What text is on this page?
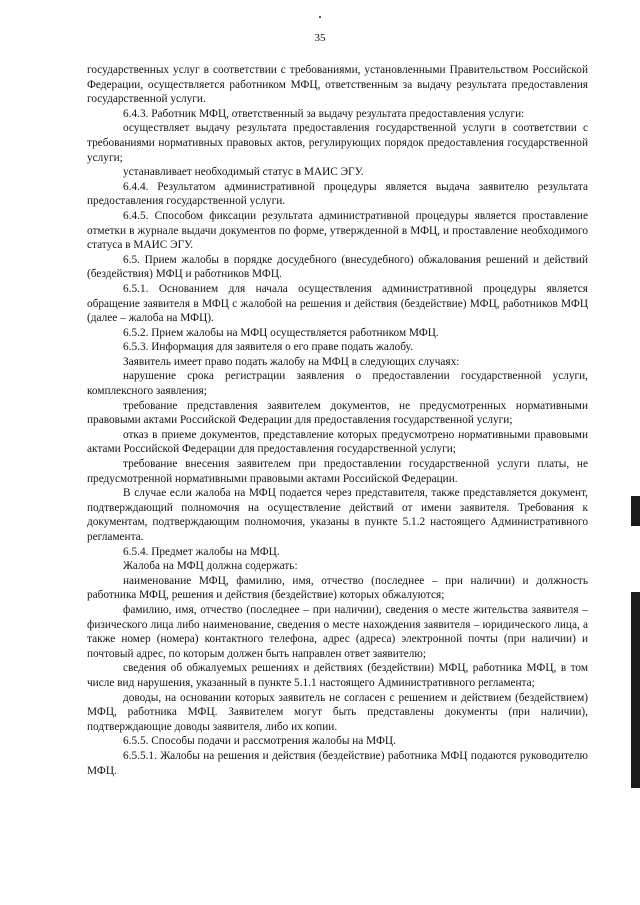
35

государственных услуг в соответствии с требованиями, установленными Правительством Российской Федерации, осуществляется работником МФЦ, ответственным за выдачу результата предоставления государственной услуги.

6.4.3. Работник МФЦ, ответственный за выдачу результата предоставления услуги:

осуществляет выдачу результата предоставления государственной услуги в соответствии с требованиями нормативных правовых актов, регулирующих порядок предоставления государственной услуги;

устанавливает необходимый статус в МАИС ЭГУ.

6.4.4. Результатом административной процедуры является выдача заявителю результата предоставления государственной услуги.

6.4.5. Способом фиксации результата административной процедуры является проставление отметки в журнале выдачи документов по форме, утвержденной в МФЦ, и проставление необходимого статуса в МАИС ЭГУ.

6.5. Прием жалобы в порядке досудебного (внесудебного) обжалования решений и действий (бездействия) МФЦ и работников МФЦ.

6.5.1. Основанием для начала осуществления административной процедуры является обращение заявителя в МФЦ с жалобой на решения и действия (бездействие) МФЦ, работников МФЦ (далее – жалоба на МФЦ).

6.5.2. Прием жалобы на МФЦ осуществляется работником МФЦ.

6.5.3. Информация для заявителя о его праве подать жалобу.

Заявитель имеет право подать жалобу на МФЦ в следующих случаях:

нарушение срока регистрации заявления о предоставлении государственной услуги, комплексного заявления;

требование представления заявителем документов, не предусмотренных нормативными правовыми актами Российской Федерации для предоставления государственной услуги;

отказ в приеме документов, представление которых предусмотрено нормативными правовыми актами Российской Федерации для предоставления государственной услуги;

требование внесения заявителем при предоставлении государственной услуги платы, не предусмотренной нормативными правовыми актами Российской Федерации.

В случае если жалоба на МФЦ подается через представителя, также представляется документ, подтверждающий полномочия на осуществление действий от имени заявителя. Требования к документам, подтверждающим полномочия, указаны в пункте 5.1.2 настоящего Административного регламента.

6.5.4. Предмет жалобы на МФЦ.

Жалоба на МФЦ должна содержать:

наименование МФЦ, фамилию, имя, отчество (последнее – при наличии) и должность работника МФЦ, решения и действия (бездействие) которых обжалуются;

фамилию, имя, отчество (последнее – при наличии), сведения о месте жительства заявителя – физического лица либо наименование, сведения о месте нахождения заявителя – юридического лица, а также номер (номера) контактного телефона, адрес (адреса) электронной почты (при наличии) и почтовый адрес, по которым должен быть направлен ответ заявителю;

сведения об обжалуемых решениях и действиях (бездействии) МФЦ, работника МФЦ, в том числе вид нарушения, указанный в пункте 5.1.1 настоящего Административного регламента;

доводы, на основании которых заявитель не согласен с решением и действием (бездействием) МФЦ, работника МФЦ. Заявителем могут быть представлены документы (при наличии), подтверждающие доводы заявителя, либо их копии.

6.5.5. Способы подачи и рассмотрения жалобы на МФЦ.

6.5.5.1. Жалобы на решения и действия (бездействие) работника МФЦ подаются руководителю МФЦ.
